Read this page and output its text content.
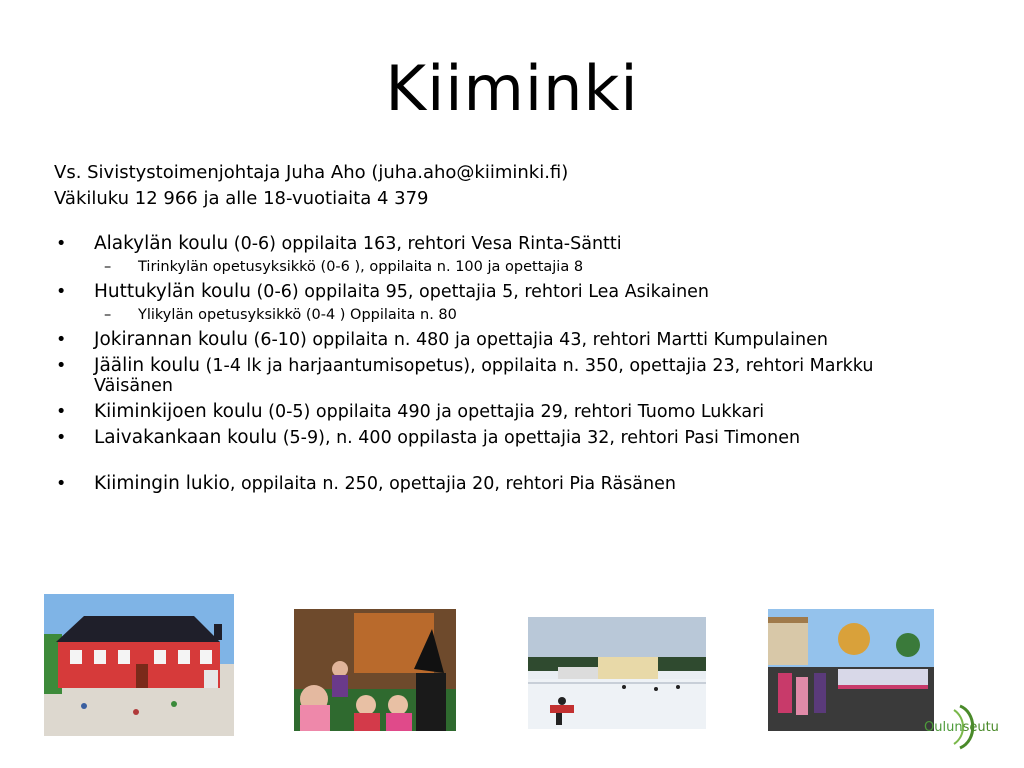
Kiiminki
Vs. Sivistystoimenjohtaja Juha Aho (juha.aho@kiiminki.fi)
Väkiluku 12 966 ja alle 18-vuotiaita 4 379
• Alakylän koulu (0-6) oppilaita 163, rehtori Vesa Rinta-Säntti
– Tirinkylän opetusyksikkö (0-6 ), oppilaita n. 100 ja opettajia 8
• Huttukylän koulu (0-6) oppilaita 95, opettajia 5, rehtori Lea Asikainen
– Ylikylän opetusyksikkö (0-4 ) Oppilaita n. 80
• Jokirannan koulu (6-10) oppilaita n. 480 ja opettajia 43, rehtori Martti Kumpulainen
• Jäälin koulu (1-4 lk ja harjaantumisopetus), oppilaita n. 350, opettajia 23, rehtori Markku Väisänen
• Kiiminkijoen koulu (0-5) oppilaita 490 ja opettajia 29, rehtori Tuomo Lukkari
• Laivakankaan koulu (5-9), n. 400 oppilasta ja opettajia 32, rehtori Pasi Timonen
• Kiimingin lukio, oppilaita n. 250, opettajia 20, rehtori Pia Räsänen
Oulunseutu
